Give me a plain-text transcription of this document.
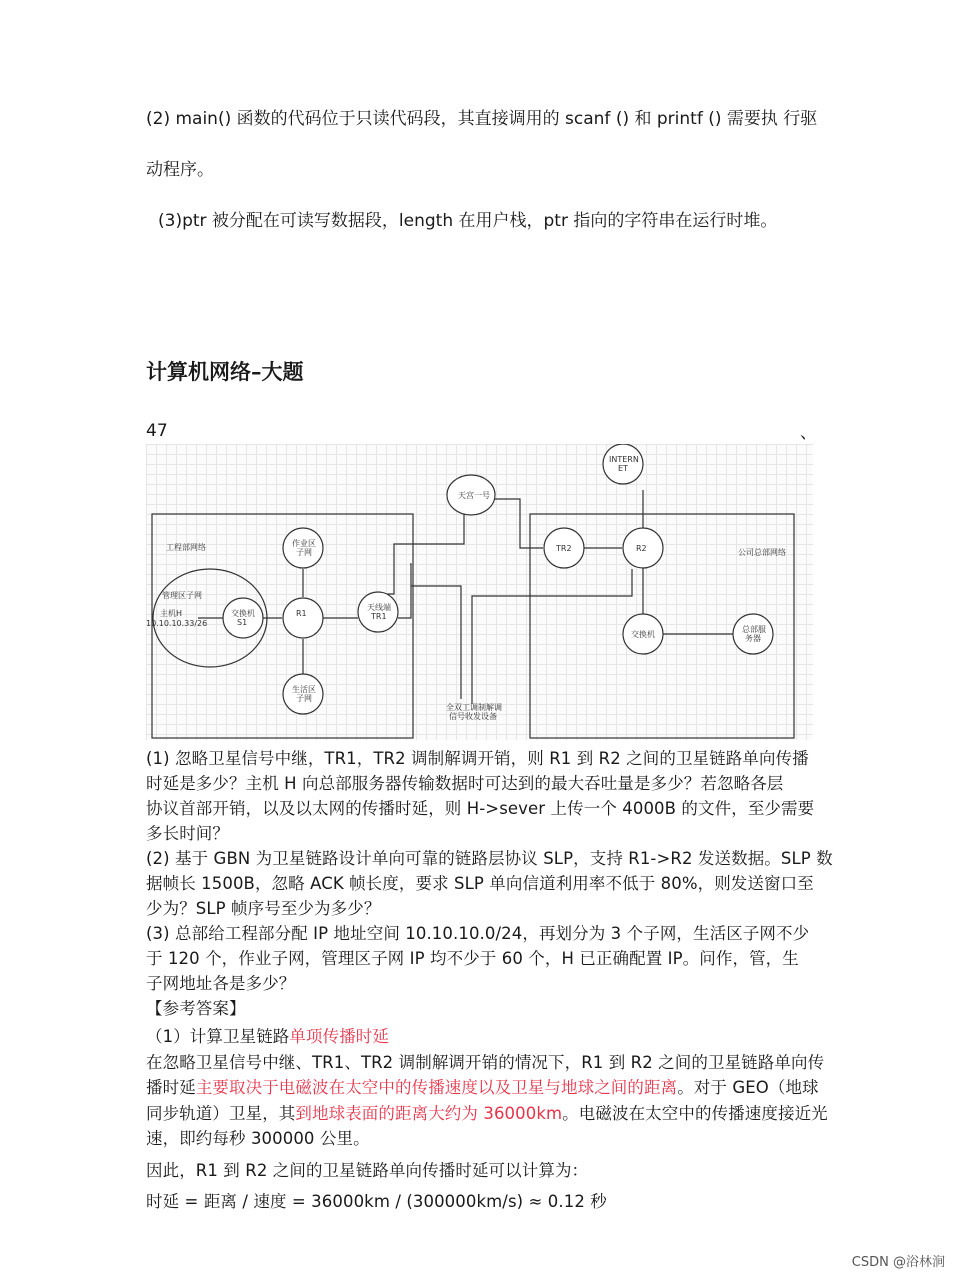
(2) main() 函数的代码位于只读代码段，其直接调用的 scanf () 和 printf () 需要执 行驱
动程序。
(3)ptr 被分配在可读写数据段，length 在用户栈，ptr 指向的字符串在运行时堆。
计算机网络–大题
47	、
工程部网络
管理区子网
主机H
10.10.10.33/26
交换机
S1
R1
作业区
子网
生活区
子网
天线端
TR1
天宫一号
全双工调制解调
信号收发设备
INTERN
ET
TR2	R2	公司总部网络
交换机
总部服
务器
(1) 忽略卫星信号中继，TR1，TR2 调制解调开销，则 R1 到 R2 之间的卫星链路单向传播
时延是多少？主机 H 向总部服务器传输数据时可达到的最大吞吐量是多少？若忽略各层
协议首部开销，以及以太网的传播时延，则 H->sever 上传一个 4000B 的文件，至少需要
多长时间？
(2) 基于 GBN 为卫星链路设计单向可靠的链路层协议 SLP，支持 R1->R2 发送数据。SLP 数
据帧长 1500B，忽略 ACK 帧长度，要求 SLP 单向信道利用率不低于 80%，则发送窗口至
少为？SLP 帧序号至少为多少？
(3) 总部给工程部分配 IP 地址空间 10.10.10.0/24，再划分为 3 个子网，生活区子网不少
于 120 个，作业子网，管理区子网 IP 均不少于 60 个，H 已正确配置 IP。问作，管，生
子网地址各是多少？
【参考答案】
（1）计算卫星链路单项传播时延
在忽略卫星信号中继、TR1、TR2 调制解调开销的情况下，R1 到 R2 之间的卫星链路单向传
播时延主要取决于电磁波在太空中的传播速度以及卫星与地球之间的距离。对于 GEO（地球
同步轨道）卫星，其到地球表面的距离大约为 36000km。电磁波在太空中的传播速度接近光
速，即约每秒 300000 公里。
因此，R1 到 R2 之间的卫星链路单向传播时延可以计算为：
时延 = 距离 / 速度 = 36000km / (300000km/s) ≈ 0.12 秒
CSDN @浴林涧
